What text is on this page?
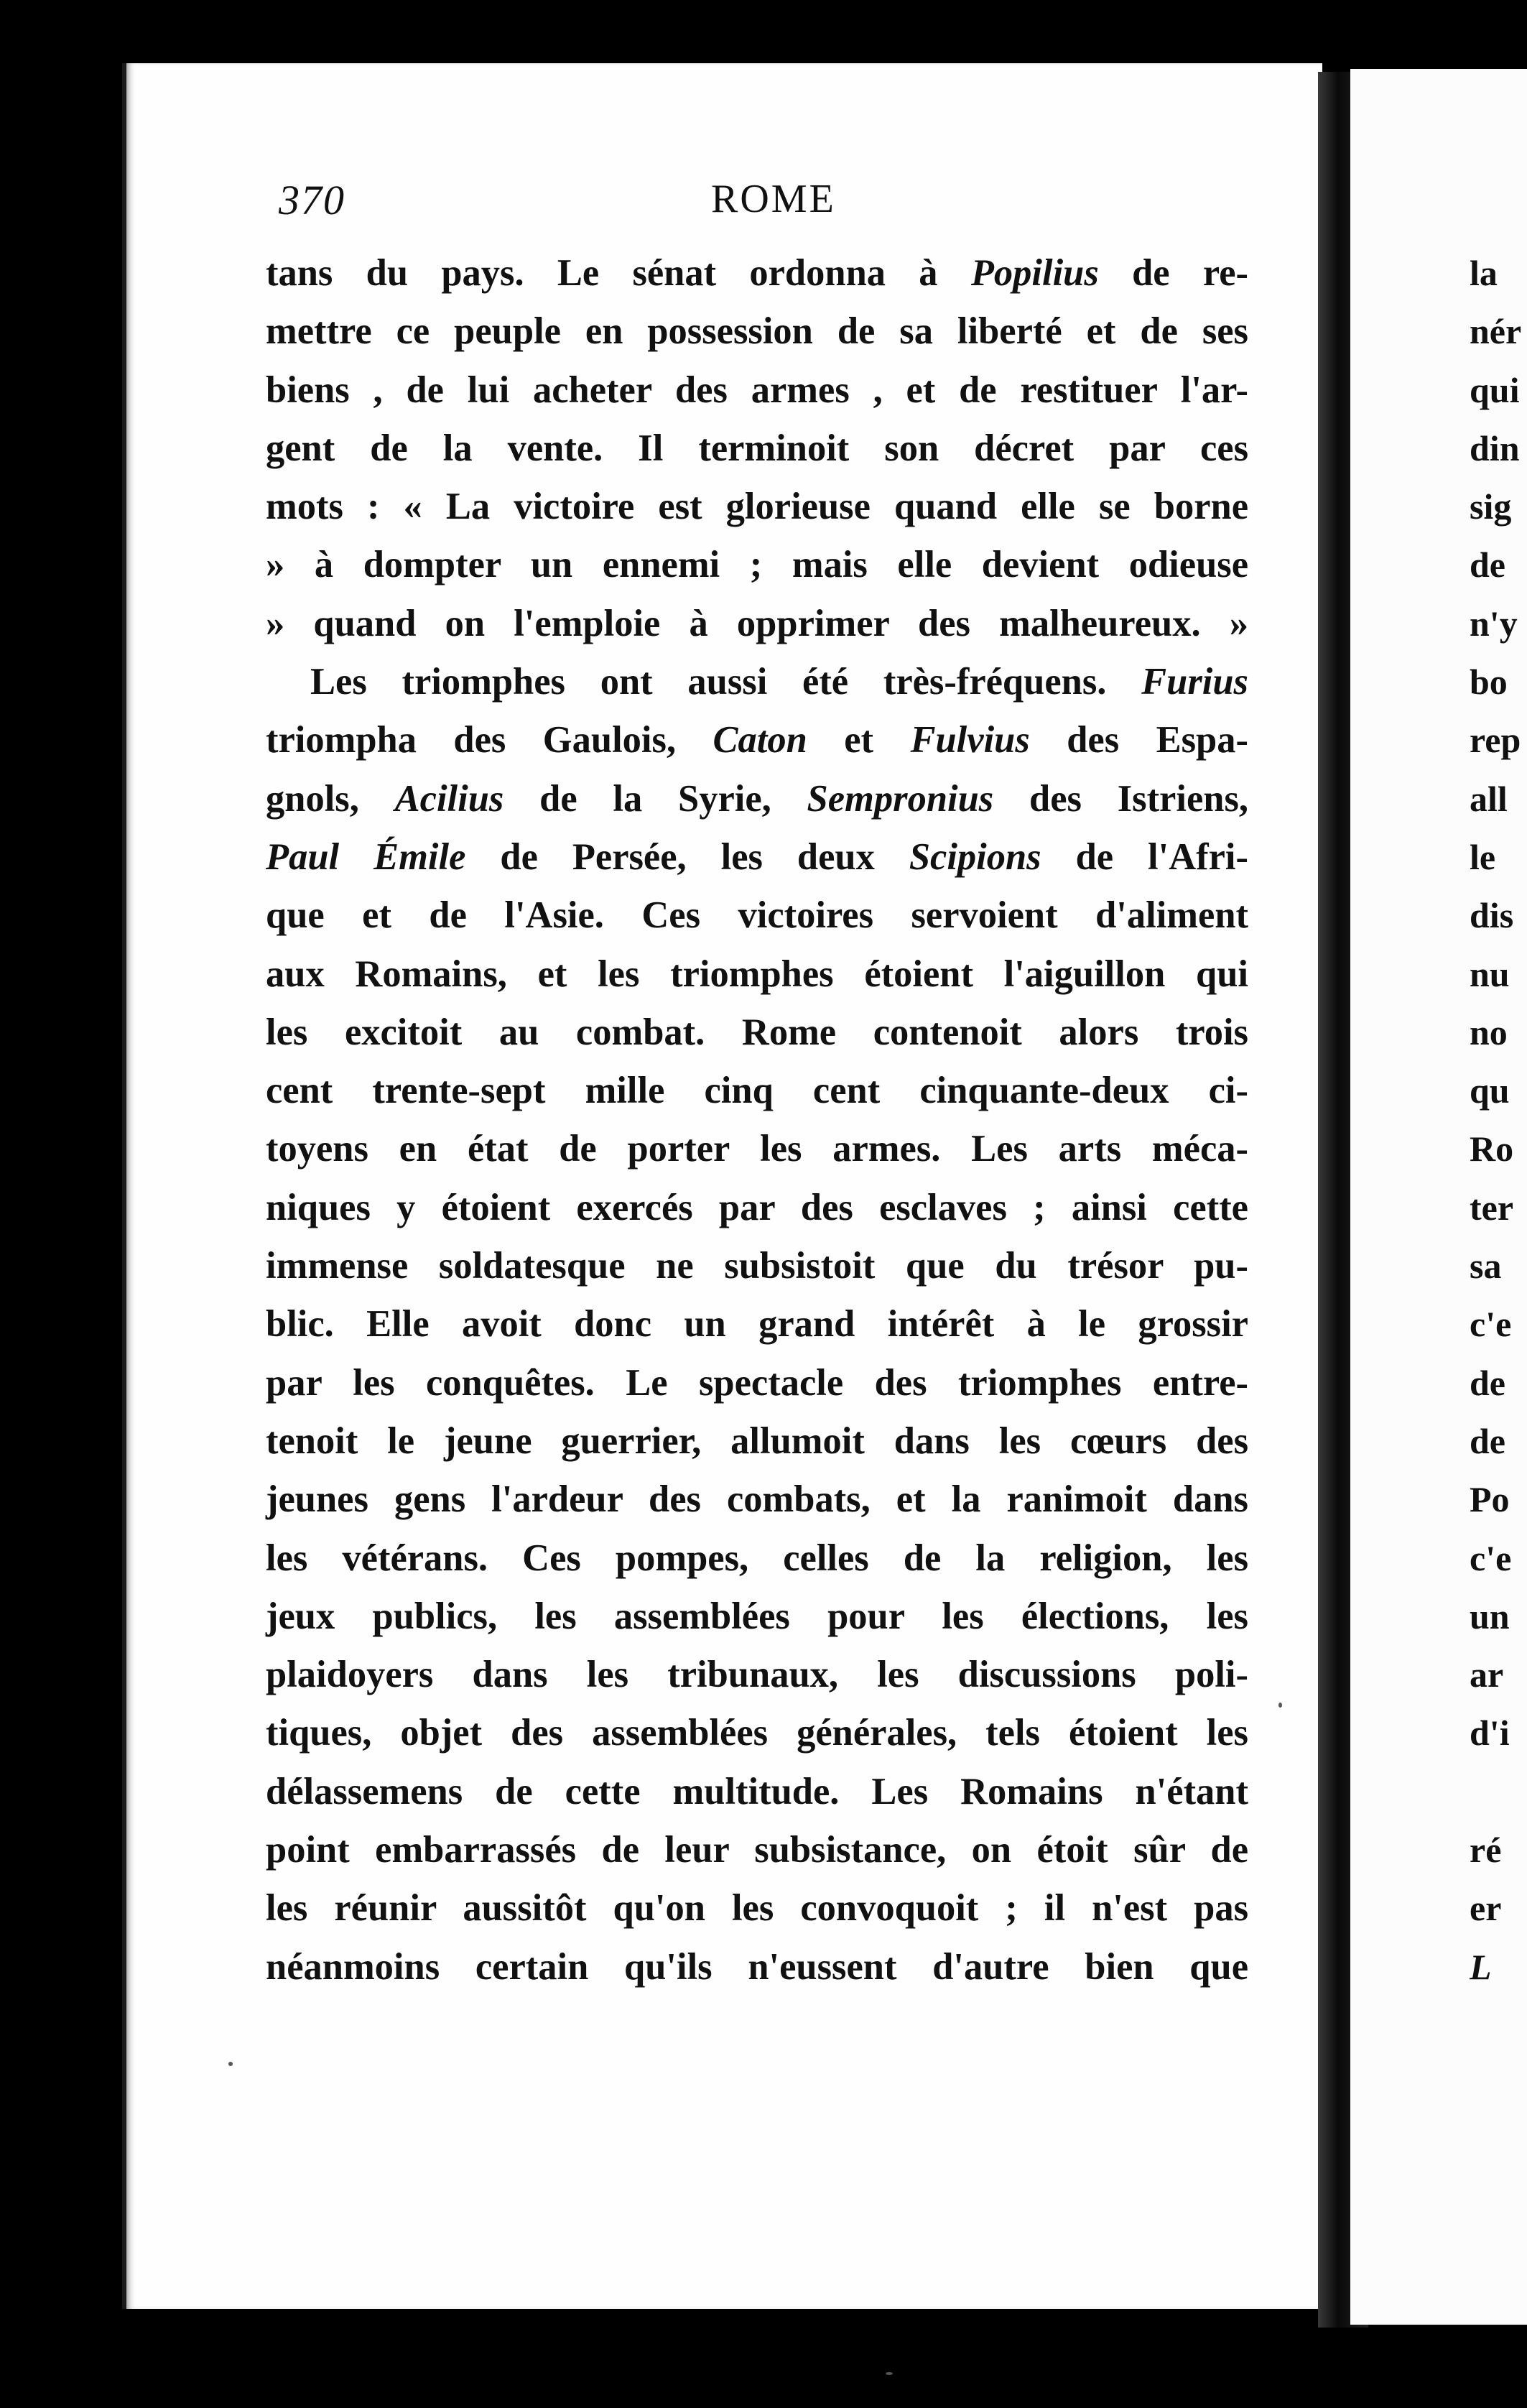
370	ROME
tans du pays. Le sénat ordonna à Popilius de re-
mettre ce peuple en possession de sa liberté et de ses
biens , de lui acheter des armes , et de restituer l'ar-
gent de la vente. Il terminoit son décret par ces
mots : « La victoire est glorieuse quand elle se borne
» à dompter un ennemi ; mais elle devient odieuse
» quand on l'emploie à opprimer des malheureux. »
Les triomphes ont aussi été très-fréquens. Furius
triompha des Gaulois, Caton et Fulvius des Espa-
gnols, Acilius de la Syrie, Sempronius des Istriens,
Paul Émile de Persée, les deux Scipions de l'Afri-
que et de l'Asie. Ces victoires servoient d'aliment
aux Romains, et les triomphes étoient l'aiguillon qui
les excitoit au combat. Rome contenoit alors trois
cent trente-sept mille cinq cent cinquante-deux ci-
toyens en état de porter les armes. Les arts méca-
niques y étoient exercés par des esclaves ; ainsi cette
immense soldatesque ne subsistoit que du trésor pu-
blic. Elle avoit donc un grand intérêt à le grossir
par les conquêtes. Le spectacle des triomphes entre-
tenoit le jeune guerrier, allumoit dans les cœurs des
jeunes gens l'ardeur des combats, et la ranimoit dans
les vétérans. Ces pompes, celles de la religion, les
jeux publics, les assemblées pour les élections, les
plaidoyers dans les tribunaux, les discussions poli-
tiques, objet des assemblées générales, tels étoient les
délassemens de cette multitude. Les Romains n'étant
point embarrassés de leur subsistance, on étoit sûr de
les réunir aussitôt qu'on les convoquoit ; il n'est pas
néanmoins certain qu'ils n'eussent d'autre bien que
la
nér
qui
din
sig
de
n'y
bo
rep
all
le
dis
nu
no
qu
Ro
ter
sa
c'e
de
de
Po
c'e
un
ar
d'i
ré
er
L
